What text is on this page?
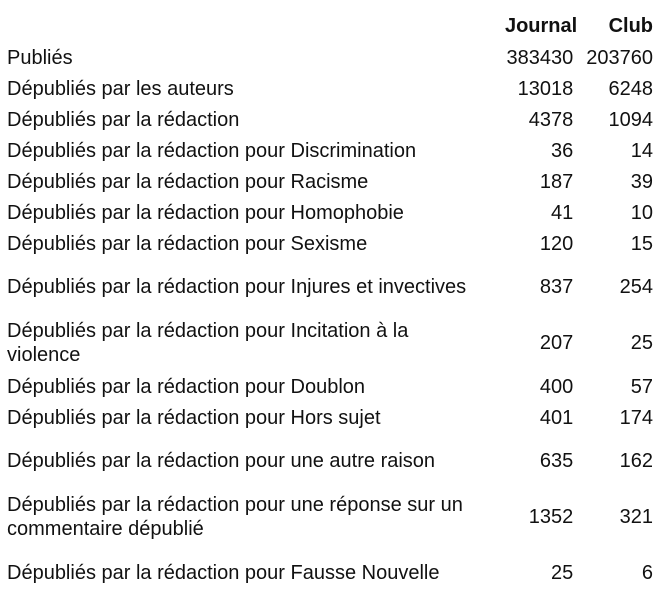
	Journal	Club
Publiés	383430	203760
Dépubliés par les auteurs	13018	6248
Dépubliés par la rédaction	4378	1094
Dépubliés par la rédaction pour Discrimination	36	14
Dépubliés par la rédaction pour Racisme	187	39
Dépubliés par la rédaction pour Homophobie	41	10
Dépubliés par la rédaction pour Sexisme	120	15
Dépubliés par la rédaction pour Injures et invectives	837	254
Dépubliés par la rédaction pour Incitation à la violence	207	25
Dépubliés par la rédaction pour Doublon	400	57
Dépubliés par la rédaction pour Hors sujet	401	174
Dépubliés par la rédaction pour une autre raison	635	162
Dépubliés par la rédaction pour une réponse sur un commentaire dépublié	1352	321
Dépubliés par la rédaction pour Fausse Nouvelle	25	6
